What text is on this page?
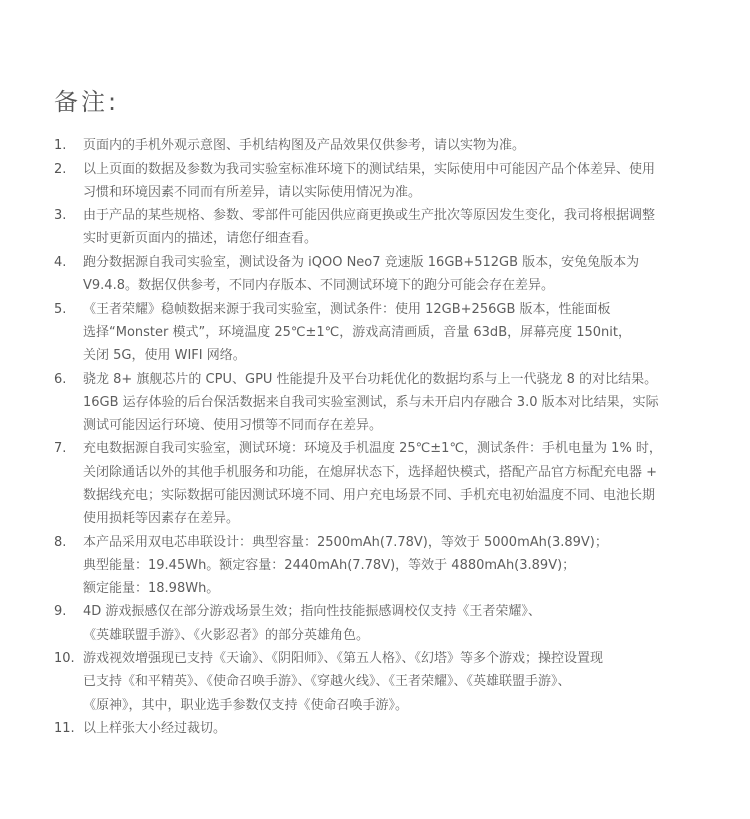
备注:
1.	页面内的手机外观示意图、手机结构图及产品效果仅供参考，请以实物为准。
2.	以上页面的数据及参数为我司实验室标准环境下的测试结果，实际使用中可能因产品个体差异、使用
习惯和环境因素不同而有所差异，请以实际使用情况为准。
3.	由于产品的某些规格、参数、零部件可能因供应商更换或生产批次等原因发生变化，我司将根据调整
实时更新页面内的描述，请您仔细查看。
4.	跑分数据源自我司实验室，测试设备为 iQOO Neo7 竞速版 16GB+512GB 版本，安兔兔版本为
V9.4.8。数据仅供参考，不同内存版本、不同测试环境下的跑分可能会存在差异。
5.	《王者荣耀》稳帧数据来源于我司实验室，测试条件：使用 12GB+256GB 版本，性能面板
选择“Monster 模式”，环境温度 25℃±1℃，游戏高清画质，音量 63dB，屏幕亮度 150nit，
关闭 5G，使用 WIFI 网络。
6.	骁龙 8+ 旗舰芯片的 CPU、GPU 性能提升及平台功耗优化的数据均系与上一代骁龙 8 的对比结果。
16GB 运存体验的后台保活数据来自我司实验室测试，系与未开启内存融合 3.0 版本对比结果，实际
测试可能因运行环境、使用习惯等不同而存在差异。
7.	充电数据源自我司实验室，测试环境：环境及手机温度 25℃±1℃，测试条件：手机电量为 1% 时，
关闭除通话以外的其他手机服务和功能，在熄屏状态下，选择超快模式，搭配产品官方标配充电器 +
数据线充电；实际数据可能因测试环境不同、用户充电场景不同、手机充电初始温度不同、电池长期
使用损耗等因素存在差异。
8.	本产品采用双电芯串联设计：典型容量：2500mAh(7.78V)，等效于 5000mAh(3.89V)；
典型能量：19.45Wh。额定容量：2440mAh(7.78V)，等效于 4880mAh(3.89V)；
额定能量：18.98Wh。
9.	4D 游戏振感仅在部分游戏场景生效；指向性技能振感调校仅支持《王者荣耀》、
《英雄联盟手游》、《火影忍者》的部分英雄角色。
10. 游戏视效增强现已支持《天谕》、《阴阳师》、《第五人格》、《幻塔》等多个游戏；操控设置现
已支持《和平精英》、《使命召唤手游》、《穿越火线》、《王者荣耀》、《英雄联盟手游》、
《原神》，其中，职业选手参数仅支持《使命召唤手游》。
11. 以上样张大小经过裁切。
